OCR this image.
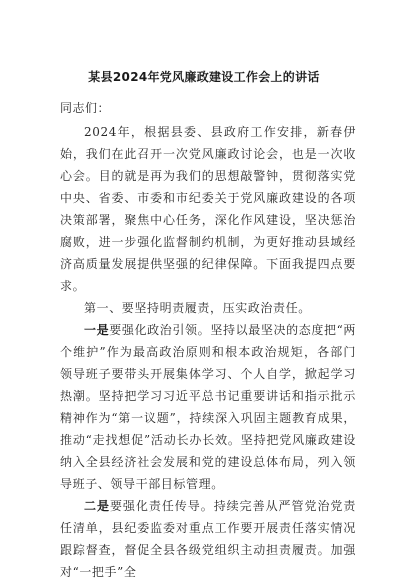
某县2024年党风廉政建设工作会上的讲话
同志们：

2024年，根据县委、县政府工作安排，新春伊始，我们在此召开一次党风廉政讨论会，也是一次收心会。目的就是再为我们的思想敲警钟，贯彻落实党中央、省委、市委和市纪委关于党风廉政建设的各项决策部署，聚焦中心任务，深化作风建设，坚决惩治腐败，进一步强化监督制约机制，为更好推动县域经济高质量发展提供坚强的纪律保障。下面我提四点要求。

第一、要坚持明责履责，压实政治责任。

一是要强化政治引领。坚持以最坚决的态度把“两个维护”作为最高政治原则和根本政治规矩，各部门领导班子要带头开展集体学习、个人自学，掀起学习热潮。坚持把学习习近平总书记重要讲话和指示批示精神作为“第一议题”，持续深入巩固主题教育成果，推动“走找想促”活动长办长效。坚持把党风廉政建设纳入全县经济社会发展和党的建设总体布局，列入领导班子、领导干部目标管理。

二是要强化责任传导。持续完善从严管党治党责任清单，县纪委监委对重点工作要开展责任落实情况跟踪督查，督促全县各级党组织主动担责履责。加强对“一把手”全
